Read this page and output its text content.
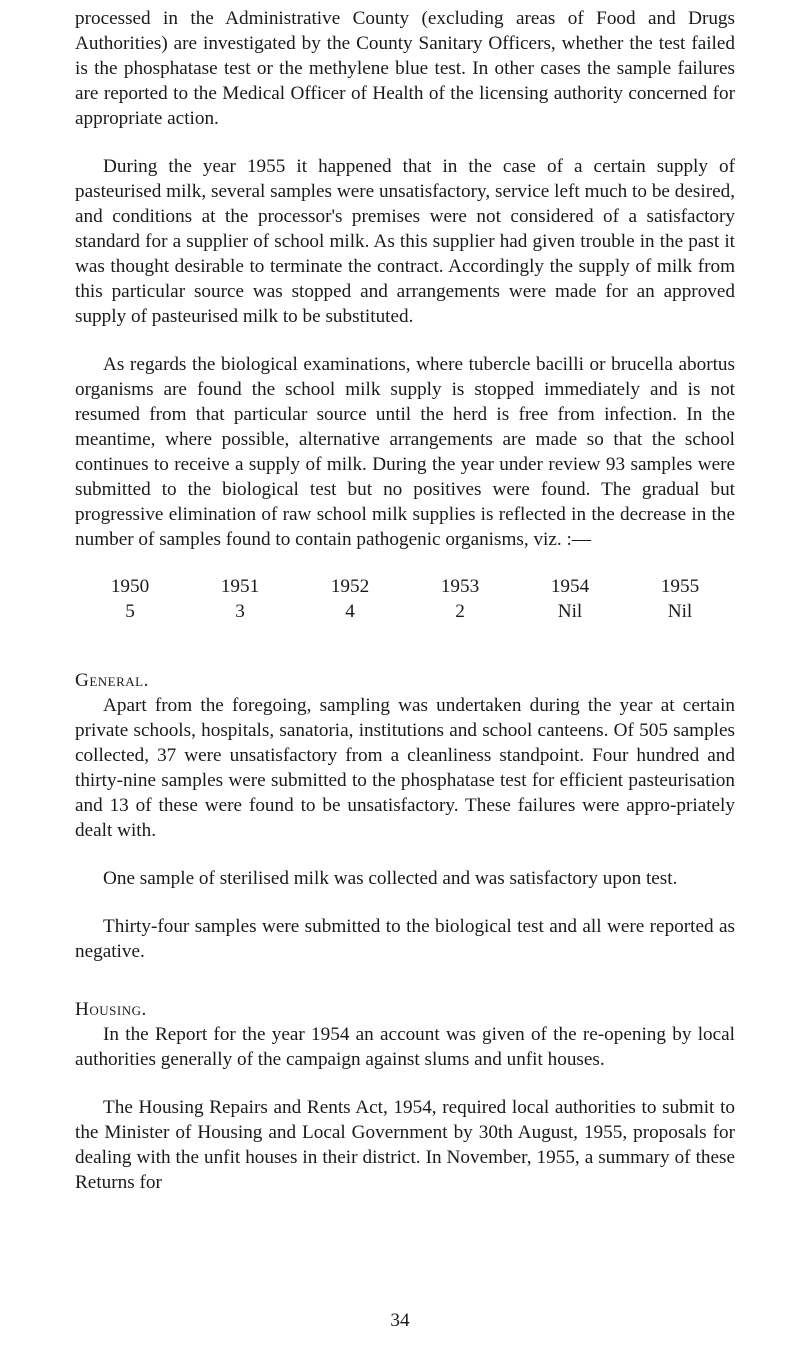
processed in the Administrative County (excluding areas of Food and Drugs Authorities) are investigated by the County Sanitary Officers, whether the test failed is the phosphatase test or the methylene blue test. In other cases the sample failures are reported to the Medical Officer of Health of the licensing authority concerned for appropriate action.

During the year 1955 it happened that in the case of a certain supply of pasteurised milk, several samples were unsatisfactory, service left much to be desired, and conditions at the processor's premises were not considered of a satisfactory standard for a supplier of school milk. As this supplier had given trouble in the past it was thought desirable to terminate the contract. Accordingly the supply of milk from this particular source was stopped and arrangements were made for an approved supply of pasteurised milk to be substituted.

As regards the biological examinations, where tubercle bacilli or brucella abortus organisms are found the school milk supply is stopped immediately and is not resumed from that particular source until the herd is free from infection. In the meantime, where possible, alternative arrangements are made so that the school continues to receive a supply of milk. During the year under review 93 samples were submitted to the biological test but no positives were found. The gradual but progressive elimination of raw school milk supplies is reflected in the decrease in the number of samples found to contain pathogenic organisms, viz. :—

1950	1951	1952	1953	1954	1955
5	3	4	2	Nil	Nil
General.

Apart from the foregoing, sampling was undertaken during the year at certain private schools, hospitals, sanatoria, institutions and school canteens. Of 505 samples collected, 37 were unsatisfactory from a cleanliness standpoint. Four hundred and thirty-nine samples were submitted to the phosphatase test for efficient pasteurisation and 13 of these were found to be unsatisfactory. These failures were appro-priately dealt with.

One sample of sterilised milk was collected and was satisfactory upon test.

Thirty-four samples were submitted to the biological test and all were reported as negative.

Housing.

In the Report for the year 1954 an account was given of the re-opening by local authorities generally of the campaign against slums and unfit houses.

The Housing Repairs and Rents Act, 1954, required local authorities to submit to the Minister of Housing and Local Government by 30th August, 1955, proposals for dealing with the unfit houses in their district. In November, 1955, a summary of these Returns for

34
